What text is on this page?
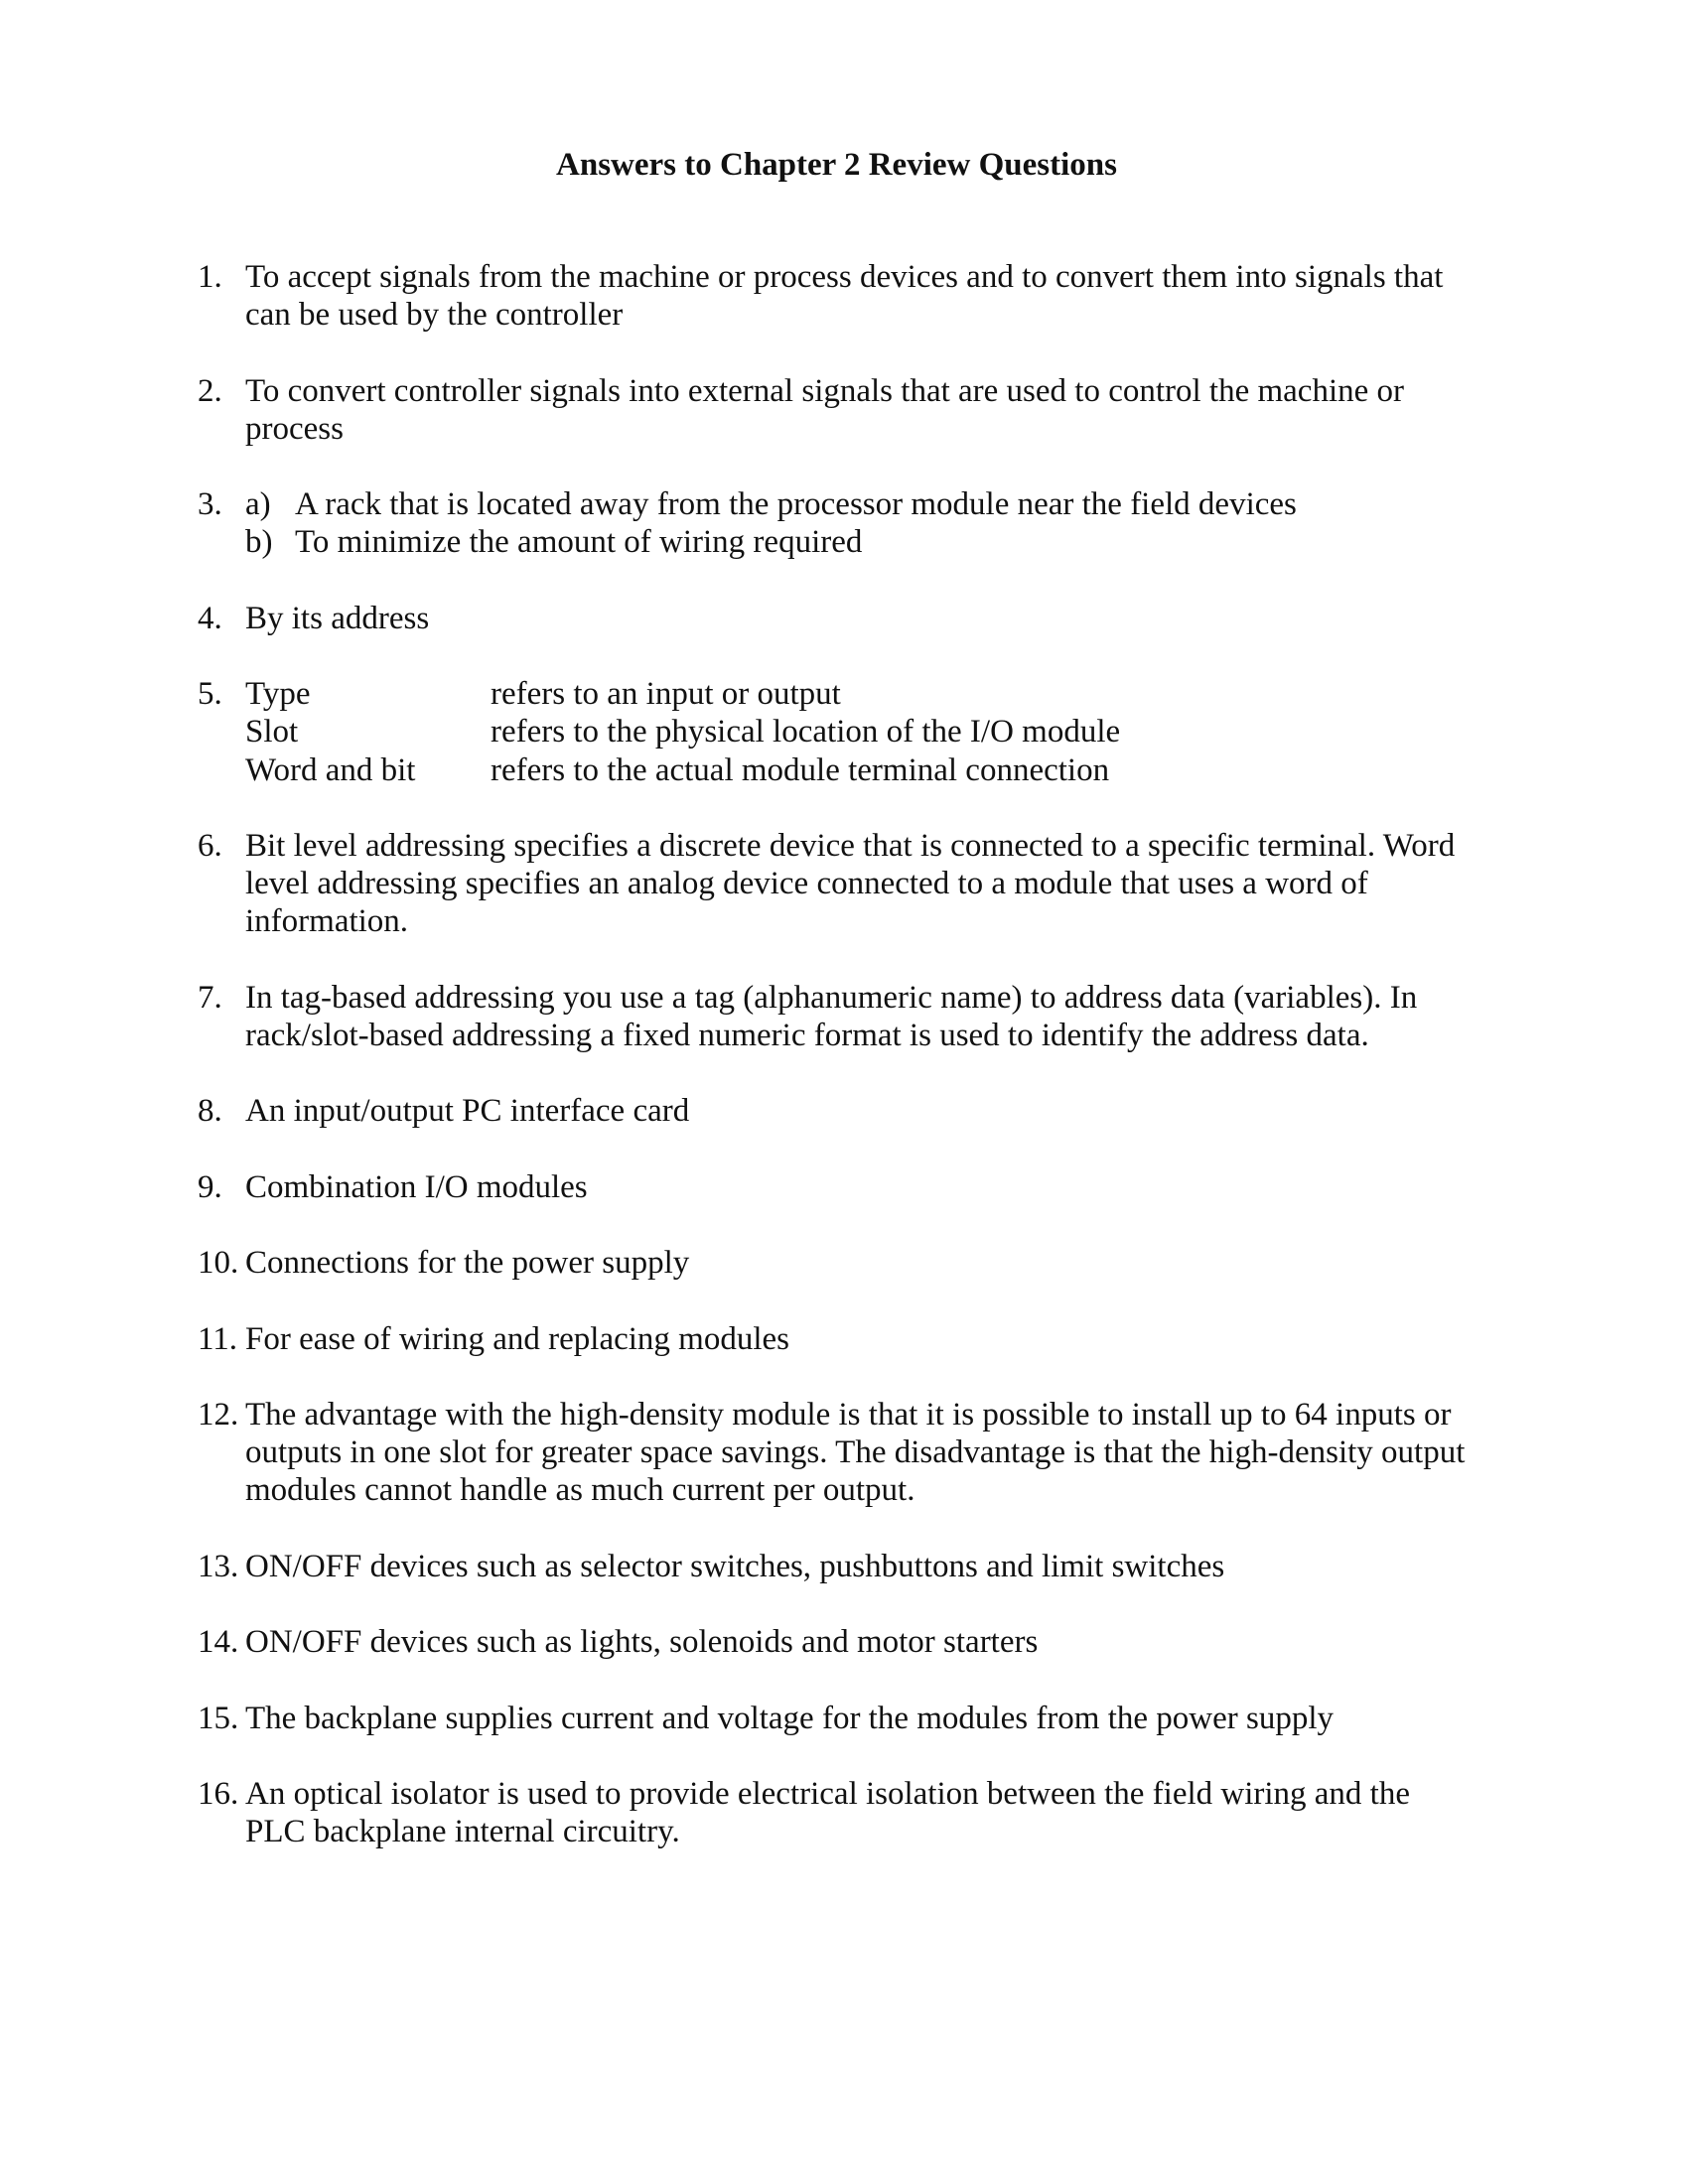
Answers to Chapter 2 Review Questions
1. To accept signals from the machine or process devices and to convert them into signals that
can be used by the controller
2. To convert controller signals into external signals that are used to control the machine or
process
3. a) A rack that is located away from the processor module near the field devices
b) To minimize the amount of wiring required
4. By its address
5. Type	refers to an input or output
Slot	refers to the physical location of the I/O module
Word and bit refers to the actual module terminal connection
6. Bit level addressing specifies a discrete device that is connected to a specific terminal. Word
level addressing specifies an analog device connected to a module that uses a word of
information.
7. In tag-based addressing you use a tag (alphanumeric name) to address data (variables). In
rack/slot-based addressing a fixed numeric format is used to identify the address data.
8. An input/output PC interface card
9. Combination I/O modules
10. Connections for the power supply
11. For ease of wiring and replacing modules
12. The advantage with the high-density module is that it is possible to install up to 64 inputs or
outputs in one slot for greater space savings. The disadvantage is that the high-density output
modules cannot handle as much current per output.
13. ON/OFF devices such as selector switches, pushbuttons and limit switches
14. ON/OFF devices such as lights, solenoids and motor starters
15. The backplane supplies current and voltage for the modules from the power supply
16. An optical isolator is used to provide electrical isolation between the field wiring and the
PLC backplane internal circuitry.
